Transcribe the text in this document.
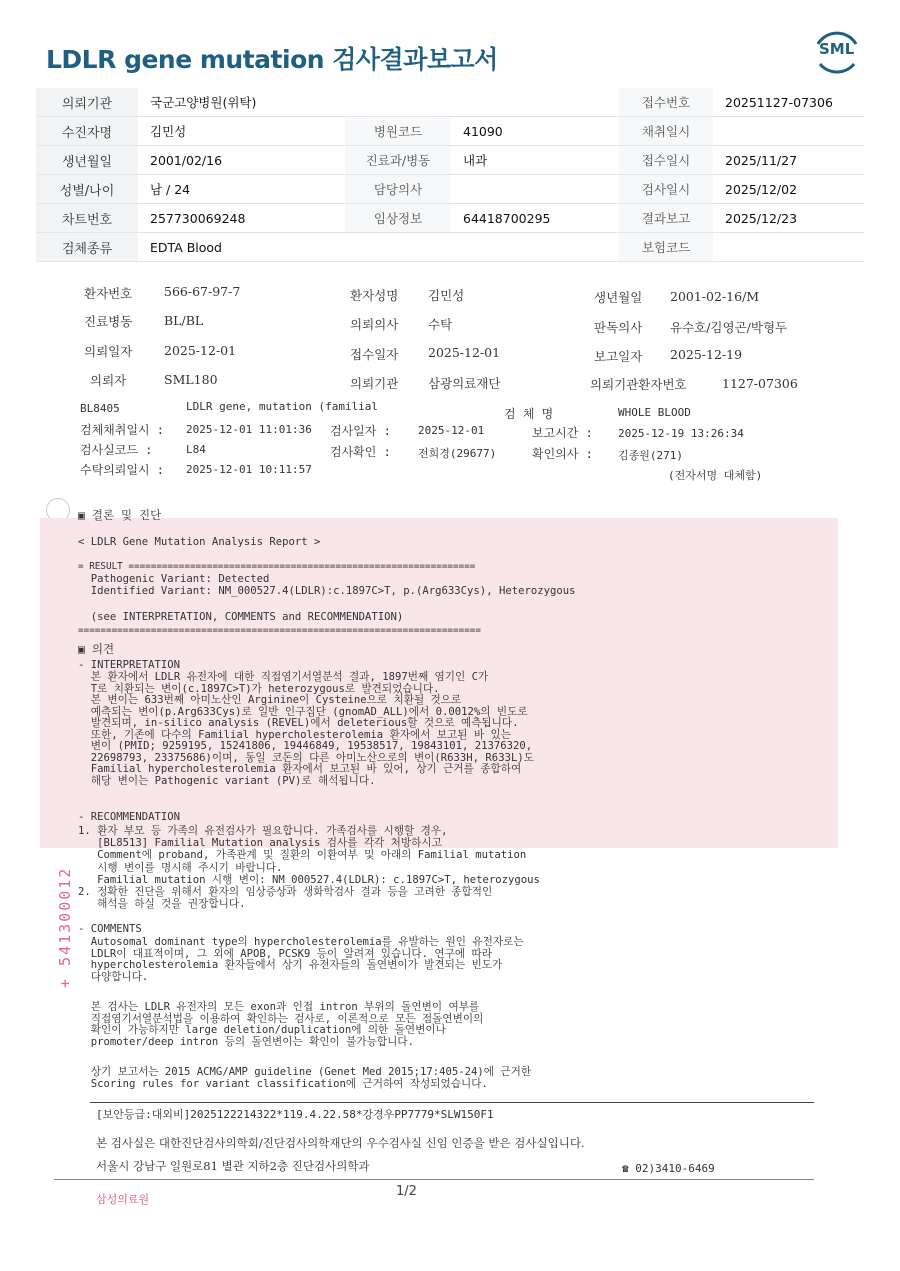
LDLR gene mutation 검사결과보고서	SML
의뢰기관	국군고양병원(위탁)			접수번호	20251127-07306
수진자명	김민성	병원코드	41090	채취일시	
생년월일	2001/02/16	진료과/병동	내과	접수일시	2025/11/27
성별/나이	남 / 24	담당의사		검사일시	2025/12/02
차트번호	257730069248	임상정보	64418700295	결과보고	2025/12/23
검체종류	EDTA Blood			보험코드	
환자번호	566-67-97-7	환자성명 김민성	생년월일 2001-02-16/M
진료병동	BL/BL	의뢰의사 수탁	판독의사 유수호/김영곤/박형두
의뢰일자	2025-12-01	접수일자 2025-12-01	보고일자 2025-12-19
의뢰자	SML180	의뢰기관 삼광의료재단	의뢰기관환자번호	1127-07306
BL8405	LDLR gene, mutation (familial
검 체 명	WHOLE BLOOD
검체채취일시 : 2025-12-01 11:01:36 검사일자 : 2025-12-01	보고시간 : 2025-12-19 13:26:34
검사실코드 :	L84	검사확인 : 전희경(29677)	확인의사 : 김종원(271)
수탁의뢰일시 : 2025-12-01 10:11:57	(전자서명 대체함)
▣ 결론 및 진단
< LDLR Gene Mutation Analysis Report >
= RESULT ==============================================================
Pathogenic Variant: Detected
Identified Variant: NM_000527.4(LDLR):c.1897C>T, p.(Arg633Cys), Heterozygous
(see INTERPRETATION, COMMENTS and RECOMMENDATION)
========================================================================
▣ 의견
- INTERPRETATION
본 환자에서 LDLR 유전자에 대한 직접염기서열분석 결과, 1897번째 염기인 C가
T로 치환되는 변이(c.1897C>T)가 heterozygous로 발견되었습니다.
본 변이는 633번째 아미노산인 Arginine이 Cysteine으로 치환될 것으로
예측되는 변이(p.Arg633Cys)로 일반 인구집단 (gnomAD_ALL)에서 0.0012%의 빈도로
발견되며, in-silico analysis (REVEL)에서 deleterious할 것으로 예측됩니다.
또한, 기존에 다수의 Familial hypercholesterolemia 환자에서 보고된 바 있는
변이 (PMID; 9259195, 15241806, 19446849, 19538517, 19843101, 21376320,
22698793, 23375686)이며, 동일 코돈의 다른 아미노산으로의 변이(R633H, R633L)도
Familial hypercholesterolemia 환자에서 보고된 바 있어, 상기 근거를 종합하여
해당 변이는 Pathogenic variant (PV)로 해석됩니다.
- RECOMMENDATION
1. 환자 부모 등 가족의 유전검사가 필요합니다. 가족검사를 시행할 경우,
[BL8513] Familial Mutation analysis 검사를 각각 처방하시고
Comment에 proband, 가족관계 및 질환의 이환여부 및 아래의 Familial mutation
시행 변이를 명시해 주시기 바랍니다.
Familial mutation 시행 변이: NM_000527.4(LDLR): c.1897C>T, heterozygous
2. 정확한 진단을 위해서 환자의 임상증상과 생화학검사 결과 등을 고려한 종합적인
해석을 하실 것을 권장합니다.
- COMMENTS
Autosomal dominant type의 hypercholesterolemia를 유발하는 원인 유전자로는
LDLR이 대표적이며, 그 외에 APOB, PCSK9 등이 알려져 있습니다. 연구에 따라
hypercholesterolemia 환자들에서 상기 유전자들의 돌연변이가 발견되는 빈도가
다양합니다.
본 검사는 LDLR 유전자의 모든 exon과 인접 intron 부위의 돌연변이 여부를
직접염기서열분석법을 이용하여 확인하는 검사로, 이론적으로 모든 점돌연변이의
확인이 가능하지만 large deletion/duplication에 의한 돌연변이나
promoter/deep intron 등의 돌연변이는 확인이 불가능합니다.
상기 보고서는 2015 ACMG/AMP guideline (Genet Med 2015;17:405-24)에 근거한
Scoring rules for variant classification에 근거하여 작성되었습니다.
+ 541300012
[보안등급:대외비]2025122214322*119.4.22.58*강경우PP7779*SLW150F1
본 검사실은 대한진단검사의학회/진단검사의학재단의 우수검사실 신임 인증을 받은 검사실입니다.
서울시 강남구 일원로81 별관 지하2층 진단검사의학과	☎ 02)3410-6469
삼성의료원
1/2
